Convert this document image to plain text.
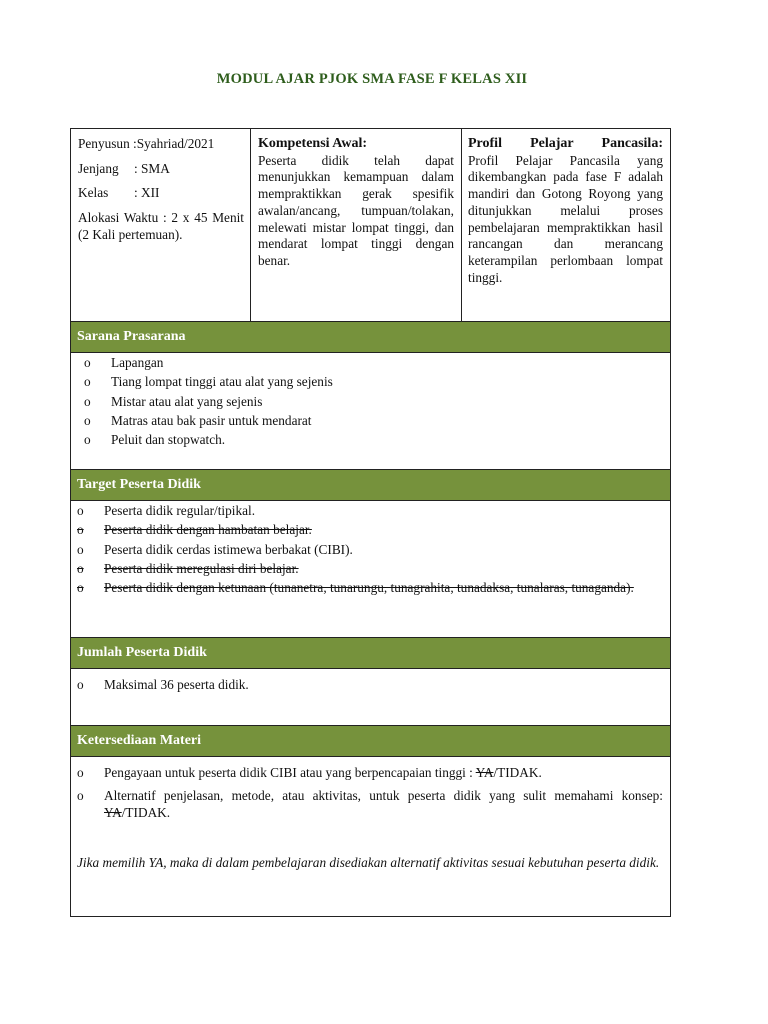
MODUL AJAR PJOK SMA FASE F KELAS XII

Penyusun :Syahriad/2021

Jenjang : SMA

Kelas : XII

Alokasi Waktu : 2 x 45 Menit (2 Kali pertemuan).

Kompetensi Awal:
Peserta didik telah dapat menunjukkan kemampuan dalam mempraktikkan gerak spesifik awalan/ancang, tumpuan/tolakan, melewati mistar lompat tinggi, dan mendarat lompat tinggi dengan benar.
Profil Pelajar Pancasila:
Profil Pelajar Pancasila yang dikembangkan pada fase F adalah mandiri dan Gotong Royong yang ditunjukkan melalui proses pembelajaran mempraktikkan hasil rancangan dan merancang keterampilan perlombaan lompat tinggi.
Sarana Prasarana
o Lapangan
o Tiang lompat tinggi atau alat yang sejenis
o Mistar atau alat yang sejenis
o Matras atau bak pasir untuk mendarat
o Peluit dan stopwatch.
Target Peserta Didik
o Peserta didik regular/tipikal.
o Peserta didik dengan hambatan belajar.
o Peserta didik cerdas istimewa berbakat (CIBI).
o Peserta didik meregulasi diri belajar.
o Peserta didik dengan ketunaan (tunanetra, tunarungu, tunagrahita, tunadaksa, tunalaras, tunaganda).
Jumlah Peserta Didik
o Maksimal 36 peserta didik.
Ketersediaan Materi
o Pengayaan untuk peserta didik CIBI atau yang berpencapaian tinggi : YA/TIDAK.
o Alternatif penjelasan, metode, atau aktivitas, untuk peserta didik yang sulit memahami konsep: YA/TIDAK.
Jika memilih YA, maka di dalam pembelajaran disediakan alternatif aktivitas sesuai kebutuhan peserta didik.
